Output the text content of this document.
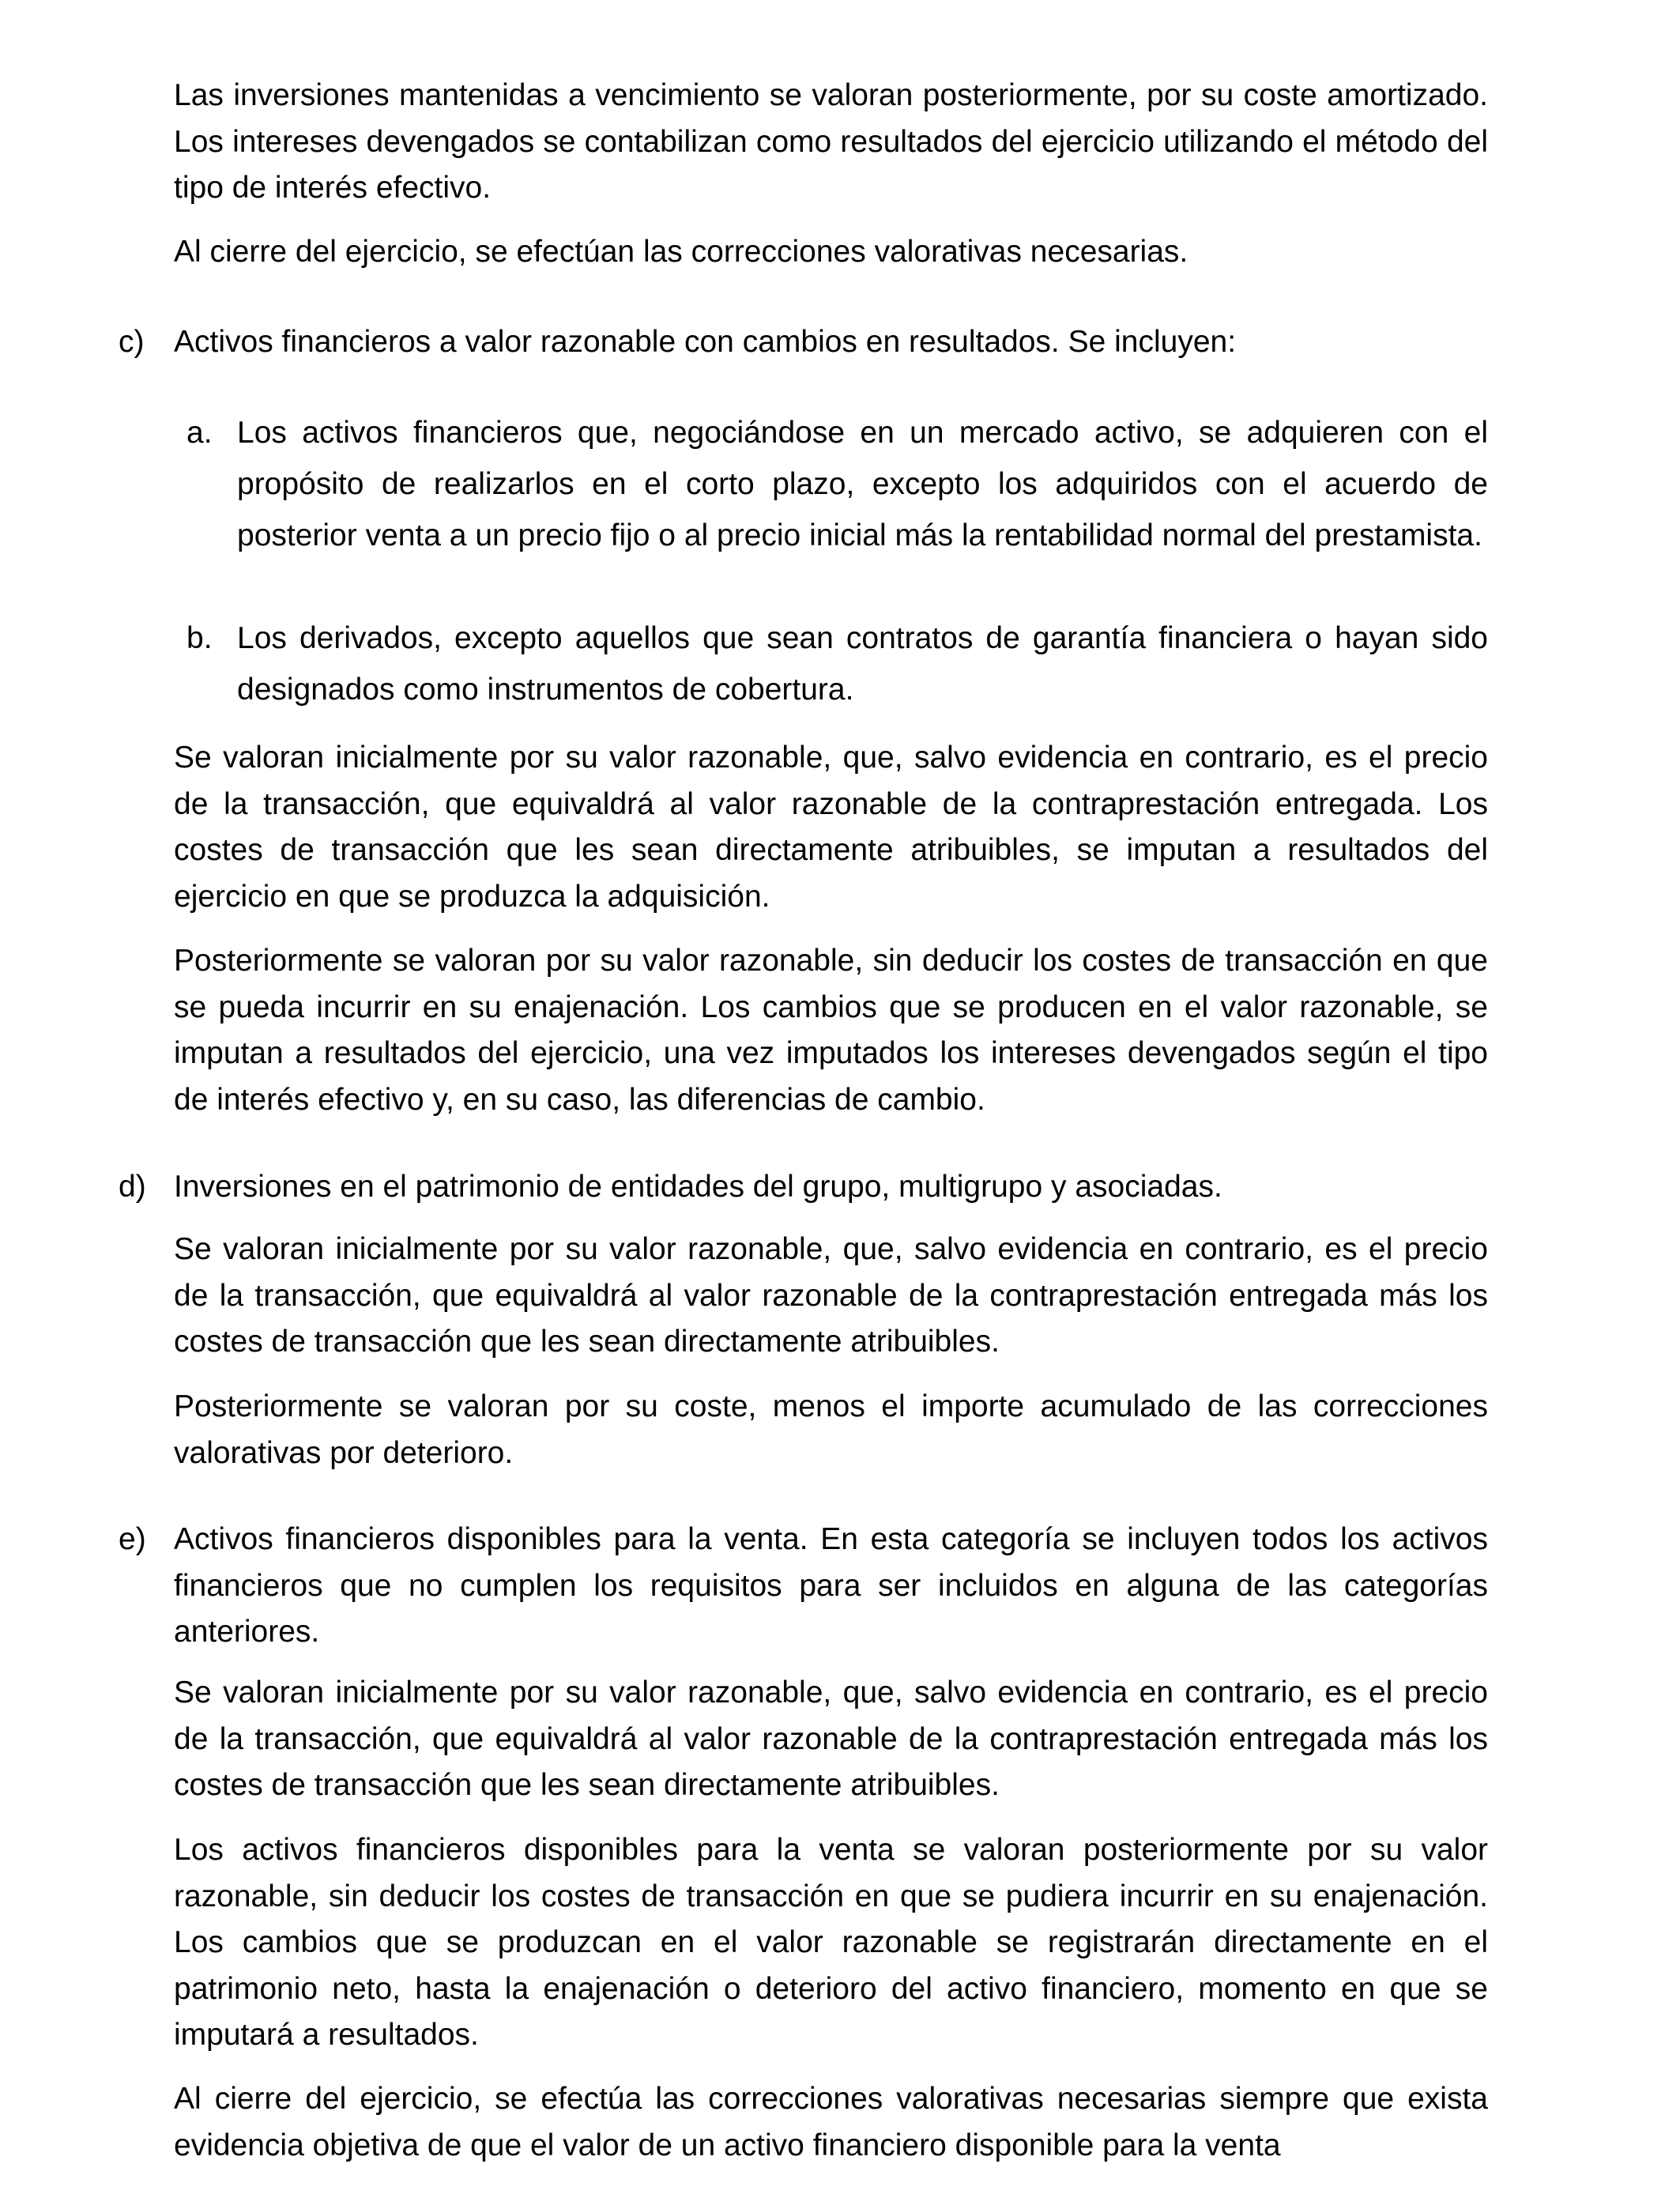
Las inversiones mantenidas a vencimiento se valoran posteriormente, por su coste amortizado. Los intereses devengados se contabilizan como resultados del ejercicio utilizando el método del tipo de interés efectivo.

Al cierre del ejercicio, se efectúan las correcciones valorativas necesarias.

c) Activos financieros a valor razonable con cambios en resultados. Se incluyen:
a. Los activos financieros que, negociándose en un mercado activo, se adquieren con el propósito de realizarlos en el corto plazo, excepto los adquiridos con el acuerdo de posterior venta a un precio fijo o al precio inicial más la rentabilidad normal del prestamista.
b. Los derivados, excepto aquellos que sean contratos de garantía financiera o hayan sido designados como instrumentos de cobertura.

Se valoran inicialmente por su valor razonable, que, salvo evidencia en contrario, es el precio de la transacción, que equivaldrá al valor razonable de la contraprestación entregada. Los costes de transacción que les sean directamente atribuibles, se imputan a resultados del ejercicio en que se produzca la adquisición.

Posteriormente se valoran por su valor razonable, sin deducir los costes de transacción en que se pueda incurrir en su enajenación. Los cambios que se producen en el valor razonable, se imputan a resultados del ejercicio, una vez imputados los intereses devengados según el tipo de interés efectivo y, en su caso, las diferencias de cambio.

d) Inversiones en el patrimonio de entidades del grupo, multigrupo y asociadas.

Se valoran inicialmente por su valor razonable, que, salvo evidencia en contrario, es el precio de la transacción, que equivaldrá al valor razonable de la contraprestación entregada más los costes de transacción que les sean directamente atribuibles.

Posteriormente se valoran por su coste, menos el importe acumulado de las correcciones valorativas por deterioro.

e) Activos financieros disponibles para la venta. En esta categoría se incluyen todos los activos financieros que no cumplen los requisitos para ser incluidos en alguna de las categorías anteriores.

Se valoran inicialmente por su valor razonable, que, salvo evidencia en contrario, es el precio de la transacción, que equivaldrá al valor razonable de la contraprestación entregada más los costes de transacción que les sean directamente atribuibles.

Los activos financieros disponibles para la venta se valoran posteriormente por su valor razonable, sin deducir los costes de transacción en que se pudiera incurrir en su enajenación. Los cambios que se produzcan en el valor razonable se registrarán directamente en el patrimonio neto, hasta la enajenación o deterioro del activo financiero, momento en que se imputará a resultados.

Al cierre del ejercicio, se efectúa las correcciones valorativas necesarias siempre que exista evidencia objetiva de que el valor de un activo financiero disponible para la venta
